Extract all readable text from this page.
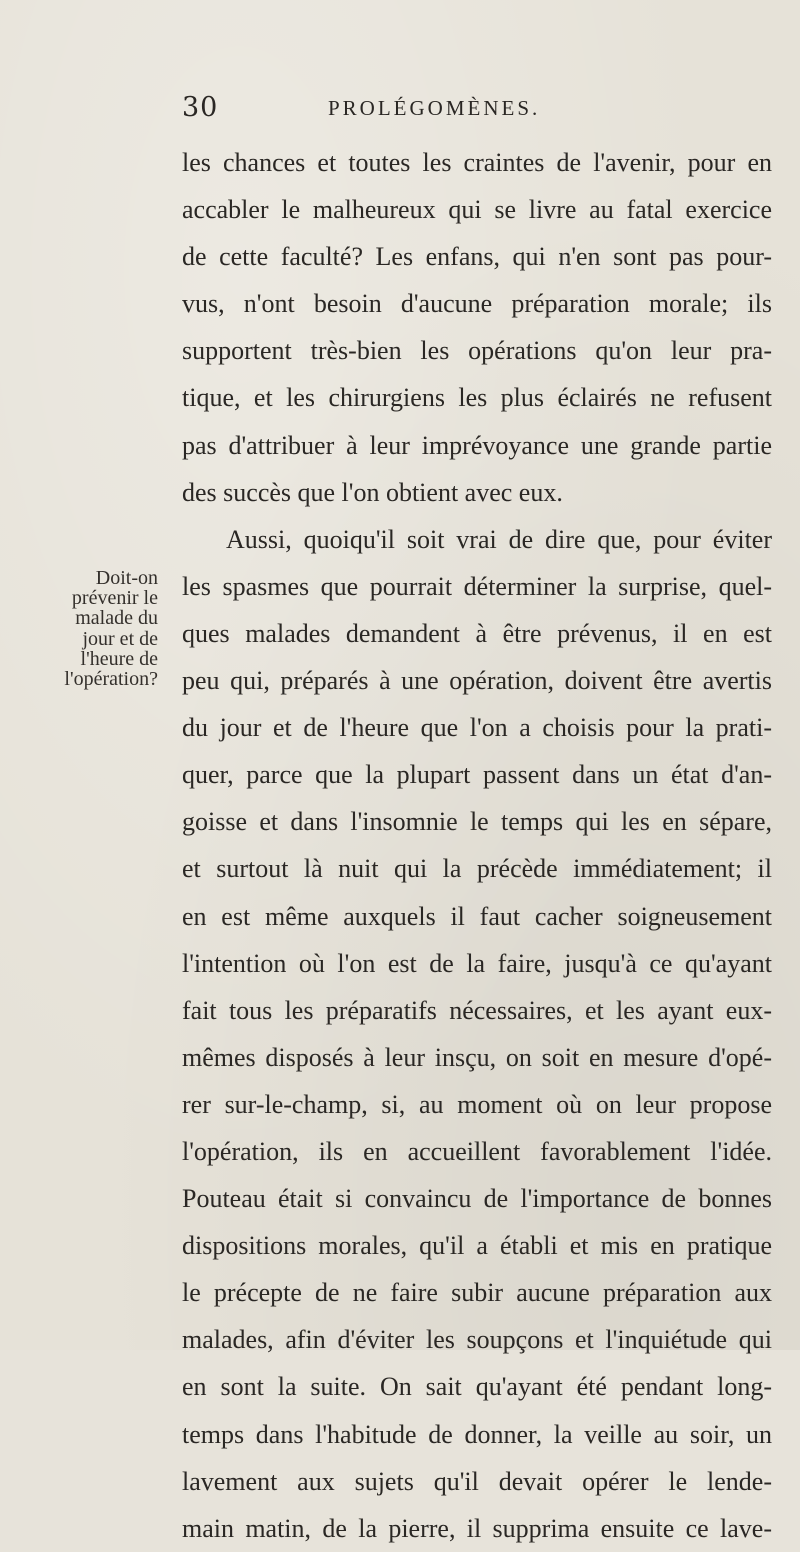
30	PROLÉGOMÈNES.
Doit-on
prévenir le
malade du
jour et de
l'heure de
l'opération?
les chances et toutes les craintes de l'avenir, pour en
accabler le malheureux qui se livre au fatal exercice
de cette faculté? Les enfans, qui n'en sont pas pour-
vus, n'ont besoin d'aucune préparation morale; ils
supportent très-bien les opérations qu'on leur pra-
tique, et les chirurgiens les plus éclairés ne refusent
pas d'attribuer à leur imprévoyance une grande partie
des succès que l'on obtient avec eux.
Aussi, quoiqu'il soit vrai de dire que, pour éviter
les spasmes que pourrait déterminer la surprise, quel-
ques malades demandent à être prévenus, il en est
peu qui, préparés à une opération, doivent être avertis
du jour et de l'heure que l'on a choisis pour la prati-
quer, parce que la plupart passent dans un état d'an-
goisse et dans l'insomnie le temps qui les en sépare,
et surtout là nuit qui la précède immédiatement; il
en est même auxquels il faut cacher soigneusement
l'intention où l'on est de la faire, jusqu'à ce qu'ayant
fait tous les préparatifs nécessaires, et les ayant eux-
mêmes disposés à leur insçu, on soit en mesure d'opé-
rer sur-le-champ, si, au moment où on leur propose
l'opération, ils en accueillent favorablement l'idée.
Pouteau était si convaincu de l'importance de bonnes
dispositions morales, qu'il a établi et mis en pratique
le précepte de ne faire subir aucune préparation aux
malades, afin d'éviter les soupçons et l'inquiétude qui
en sont la suite. On sait qu'ayant été pendant long-
temps dans l'habitude de donner, la veille au soir, un
lavement aux sujets qu'il devait opérer le lende-
main matin, de la pierre, il supprima ensuite ce lave-
